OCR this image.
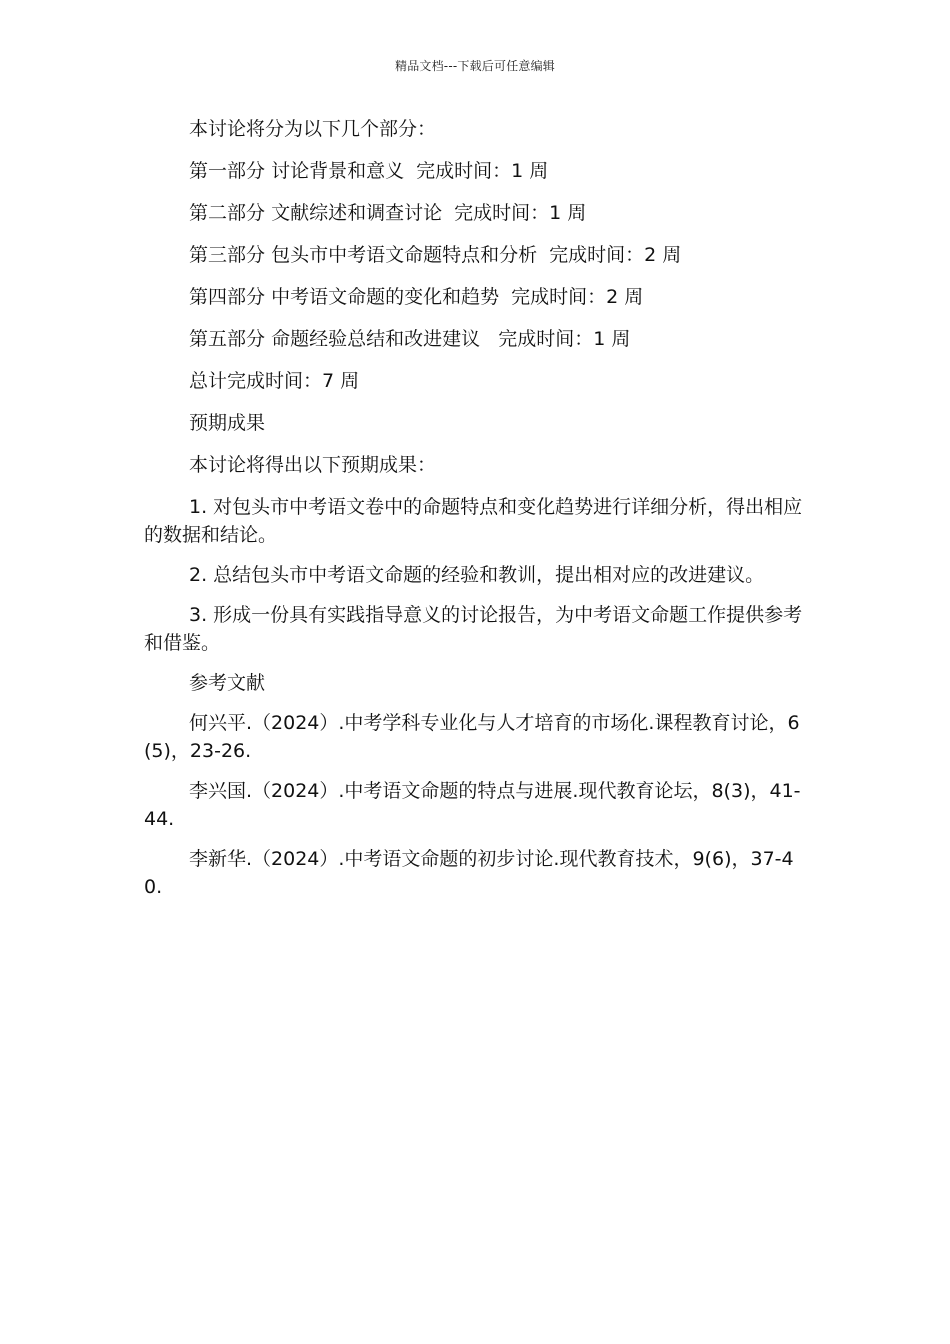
精品文档---下载后可任意编辑

本讨论将分为以下几个部分：

第一部分 讨论背景和意义 完成时间：1 周

第二部分 文献综述和调查讨论 完成时间：1 周

第三部分 包头市中考语文命题特点和分析 完成时间：2 周

第四部分 中考语文命题的变化和趋势 完成时间：2 周

第五部分 命题经验总结和改进建议 完成时间：1 周

总计完成时间：7 周

预期成果

本讨论将得出以下预期成果：

1. 对包头市中考语文卷中的命题特点和变化趋势进行详细分析，得出相应的数据和结论。

2. 总结包头市中考语文命题的经验和教训，提出相对应的改进建议。

3. 形成一份具有实践指导意义的讨论报告，为中考语文命题工作提供参考和借鉴。

参考文献

何兴平.（2024）.中考学科专业化与人才培育的市场化.课程教育讨论，6(5)，23-26.

李兴国.（2024）.中考语文命题的特点与进展.现代教育论坛，8(3)，41-44.

李新华.（2024）.中考语文命题的初步讨论.现代教育技术，9(6)，37-40.
